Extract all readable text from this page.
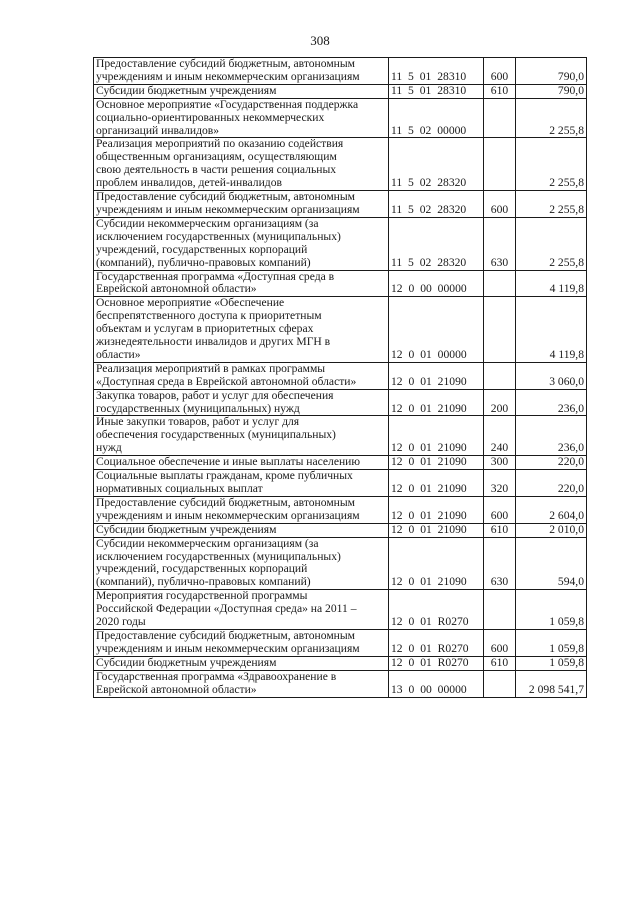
308
Предоставление субсидий бюджетным, автономным
учреждениям и иным некоммерческим организациям	11 5 01 28310	600	790,0
Субсидии бюджетным учреждениям	11 5 01 28310	610	790,0
Основное мероприятие «Государственная поддержка
социально-ориентированных некоммерческих
организаций инвалидов»	11 5 02 00000		2 255,8
Реализация мероприятий по оказанию содействия
общественным организациям, осуществляющим
свою деятельность в части решения социальных
проблем инвалидов, детей-инвалидов	11 5 02 28320		2 255,8
Предоставление субсидий бюджетным, автономным
учреждениям и иным некоммерческим организациям	11 5 02 28320	600	2 255,8
Субсидии некоммерческим организациям (за
исключением государственных (муниципальных)
учреждений, государственных корпораций
(компаний), публично-правовых компаний)	11 5 02 28320	630	2 255,8
Государственная программа «Доступная среда в
Еврейской автономной области»	12 0 00 00000		4 119,8
Основное мероприятие «Обеспечение
беспрепятственного доступа к приоритетным
объектам и услугам в приоритетных сферах
жизнедеятельности инвалидов и других МГН в
области»	12 0 01 00000		4 119,8
Реализация мероприятий в рамках программы
«Доступная среда в Еврейской автономной области»	12 0 01 21090		3 060,0
Закупка товаров, работ и услуг для обеспечения
государственных (муниципальных) нужд	12 0 01 21090	200	236,0
Иные закупки товаров, работ и услуг для
обеспечения государственных (муниципальных)
нужд	12 0 01 21090	240	236,0
Социальное обеспечение и иные выплаты населению	12 0 01 21090	300	220,0
Социальные выплаты гражданам, кроме публичных
нормативных социальных выплат	12 0 01 21090	320	220,0
Предоставление субсидий бюджетным, автономным
учреждениям и иным некоммерческим организациям	12 0 01 21090	600	2 604,0
Субсидии бюджетным учреждениям	12 0 01 21090	610	2 010,0
Субсидии некоммерческим организациям (за
исключением государственных (муниципальных)
учреждений, государственных корпораций
(компаний), публично-правовых компаний)	12 0 01 21090	630	594,0
Мероприятия государственной программы
Российской Федерации «Доступная среда» на 2011 –
2020 годы	12 0 01 R0270		1 059,8
Предоставление субсидий бюджетным, автономным
учреждениям и иным некоммерческим организациям	12 0 01 R0270	600	1 059,8
Субсидии бюджетным учреждениям	12 0 01 R0270	610	1 059,8
Государственная программа «Здравоохранение в
Еврейской автономной области»	13 0 00 00000		2 098 541,7
